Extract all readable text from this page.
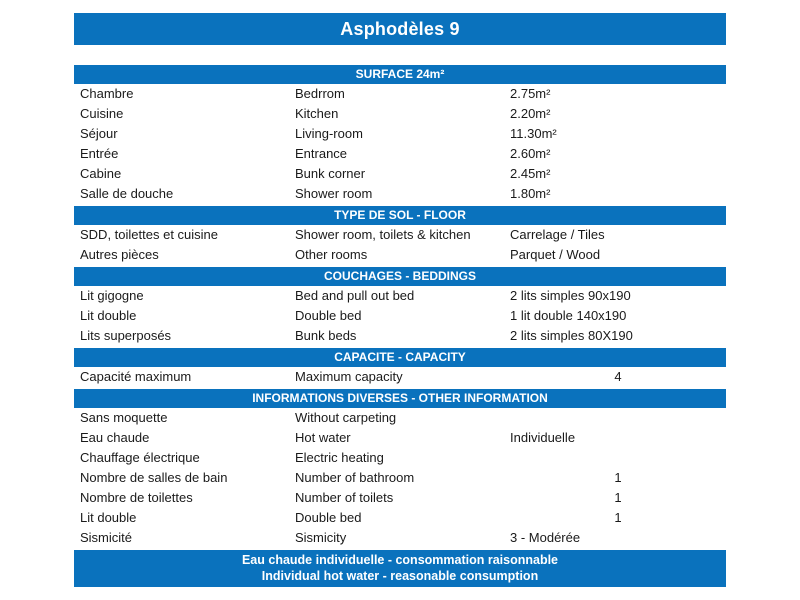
Asphodèles 9
SURFACE 24m²
Chambre	Bedrrom	2.75m²
Cuisine	Kitchen	2.20m²
Séjour	Living-room	11.30m²
Entrée	Entrance	2.60m²
Cabine	Bunk corner	2.45m²
Salle de douche	Shower room	1.80m²
TYPE DE SOL - FLOOR
SDD, toilettes et cuisine	Shower room, toilets & kitchen	Carrelage / Tiles
Autres pièces	Other rooms	Parquet / Wood
COUCHAGES - BEDDINGS
Lit gigogne	Bed and pull out bed	2 lits simples 90x190
Lit double	Double bed	1 lit double 140x190
Lits superposés	Bunk beds	2 lits simples 80X190
CAPACITE - CAPACITY
Capacité maximum	Maximum capacity	4
INFORMATIONS DIVERSES - OTHER INFORMATION
Sans moquette	Without carpeting
Eau chaude	Hot water	Individuelle
Chauffage électrique	Electric heating
Nombre de salles de bain	Number of bathroom	1
Nombre de toilettes	Number of toilets	1
Lit double	Double bed	1
Sismicité	Sismicity	3 - Modérée
Eau chaude individuelle - consommation raisonnable
Individual hot water - reasonable consumption
